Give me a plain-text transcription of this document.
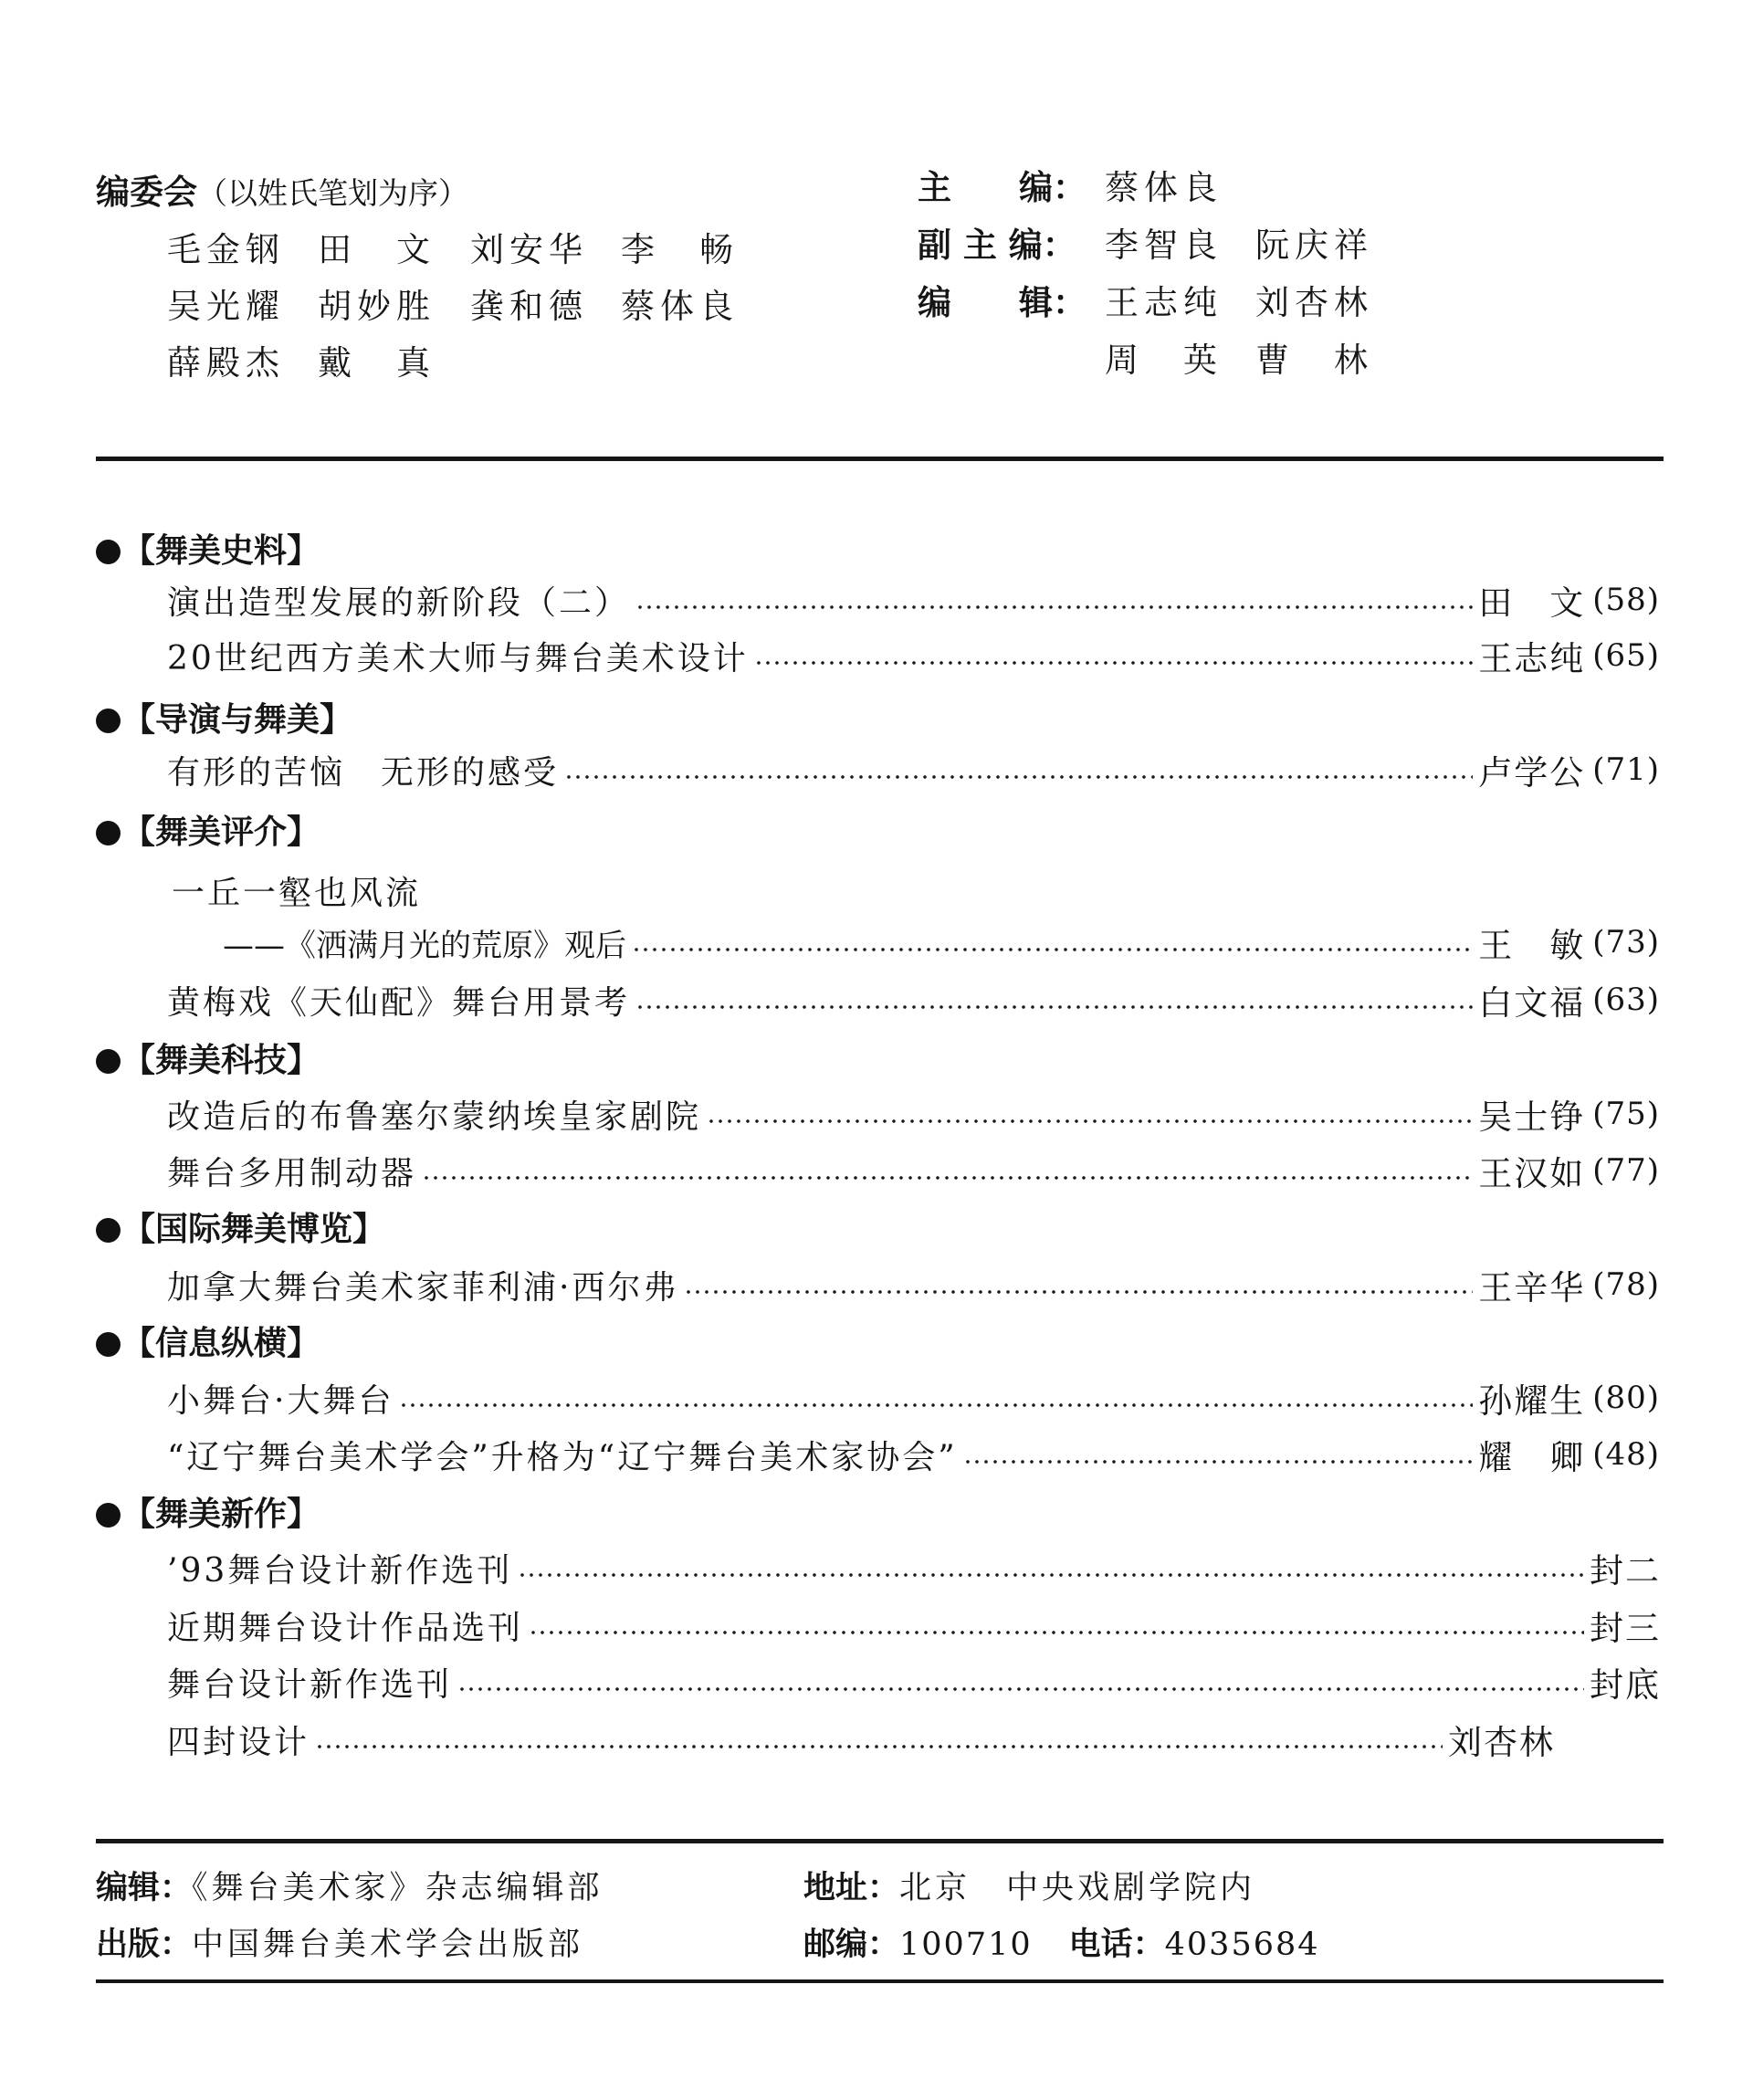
编委会（以姓氏笔划为序）
毛金钢 田　文 刘安华 李　畅
吴光耀 胡妙胜 龚和德 蔡体良
薛殿杰 戴　真
主　　编： 蔡体良
副 主 编： 李智良 阮庆祥
编　　辑： 王志纯 刘杏林
周　英 曹　林
【舞美史料】
演出造型发展的新阶段（二）	田　文 (58)
20世纪西方美术大师与舞台美术设计	王志纯 (65)
【导演与舞美】
有形的苦恼　无形的感受	卢学公 (71)
【舞美评介】
一丘一壑也风流
——《洒满月光的荒原》观后	王　敏 (73)
黄梅戏《天仙配》舞台用景考	白文福 (63)
【舞美科技】
改造后的布鲁塞尔蒙纳埃皇家剧院	吴士铮 (75)
舞台多用制动器	王汉如 (77)
【国际舞美博览】
加拿大舞台美术家菲利浦·西尔弗	王辛华 (78)
【信息纵横】
小舞台·大舞台	孙耀生 (80)
“辽宁舞台美术学会”升格为“辽宁舞台美术家协会”	耀　卿 (48)
【舞美新作】
’93舞台设计新作选刊	封二
近期舞台设计作品选刊	封三
舞台设计新作选刊	封底
四封设计	刘杏林
编辑：《舞台美术家》杂志编辑部
出版：中国舞台美术学会出版部
地址：北京　中央戏剧学院内
邮编：100710 电话：4035684
